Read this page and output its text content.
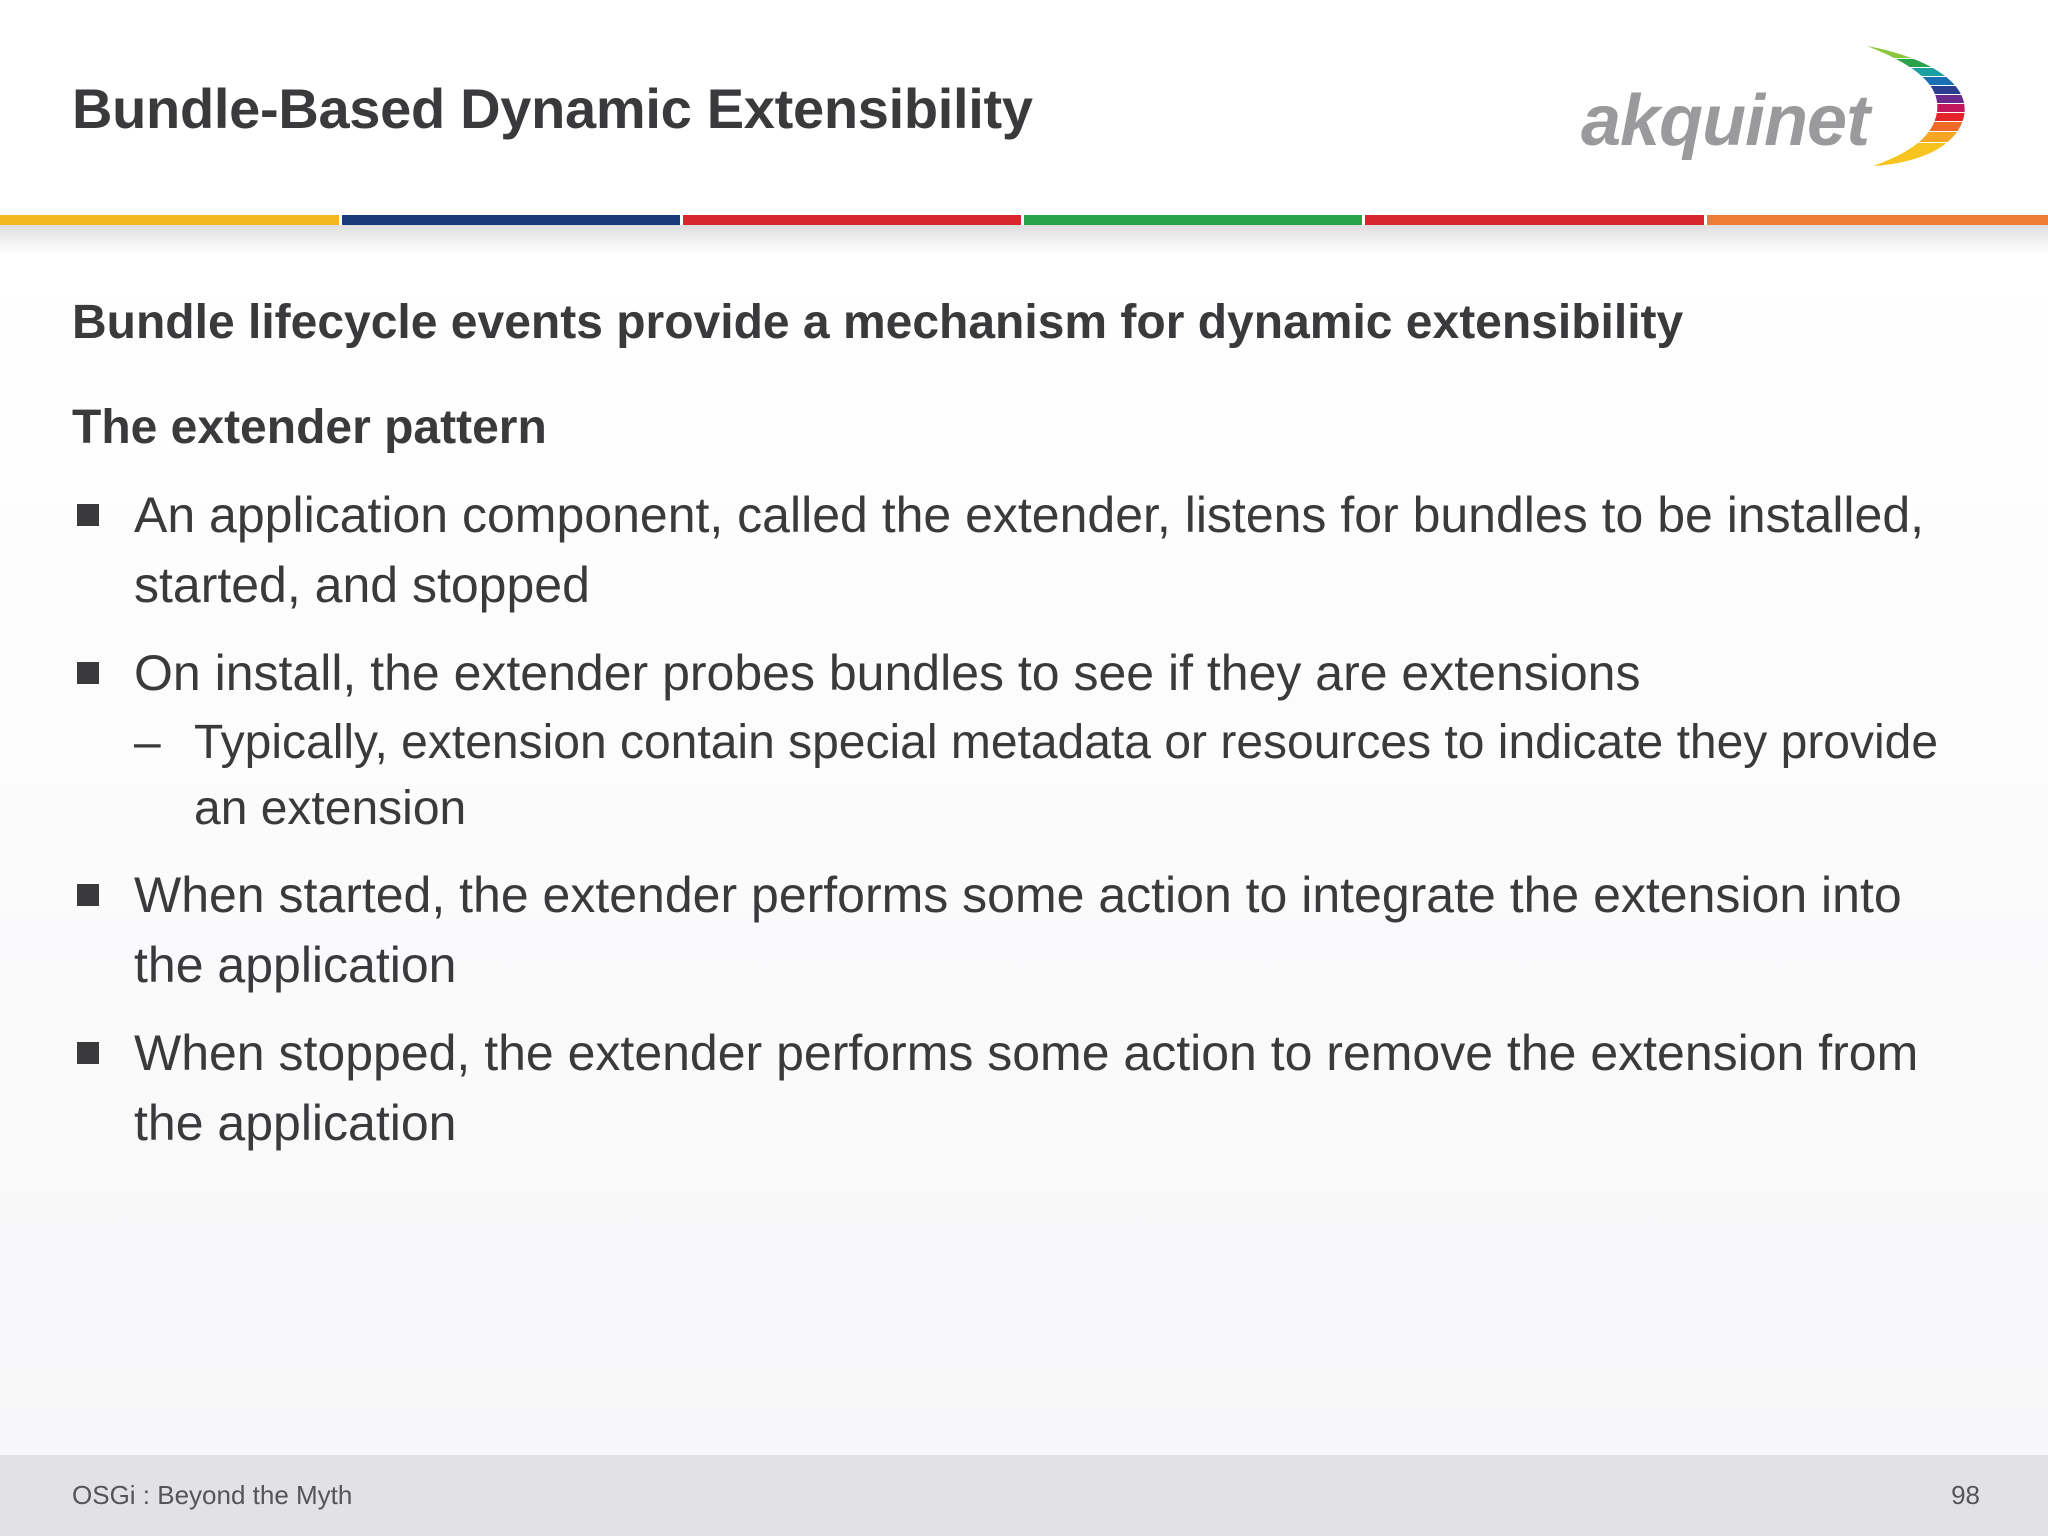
Bundle-Based Dynamic Extensibility	akquinet
Bundle lifecycle events provide a mechanism for dynamic extensibility
The extender pattern
An application component, called the extender, listens for bundles to be installed, started, and stopped
On install, the extender probes bundles to see if they are extensions
– Typically, extension contain special metadata or resources to indicate they provide an extension
When started, the extender performs some action to integrate the extension into the application
When stopped, the extender performs some action to remove the extension from the application
OSGi : Beyond the Myth	98
